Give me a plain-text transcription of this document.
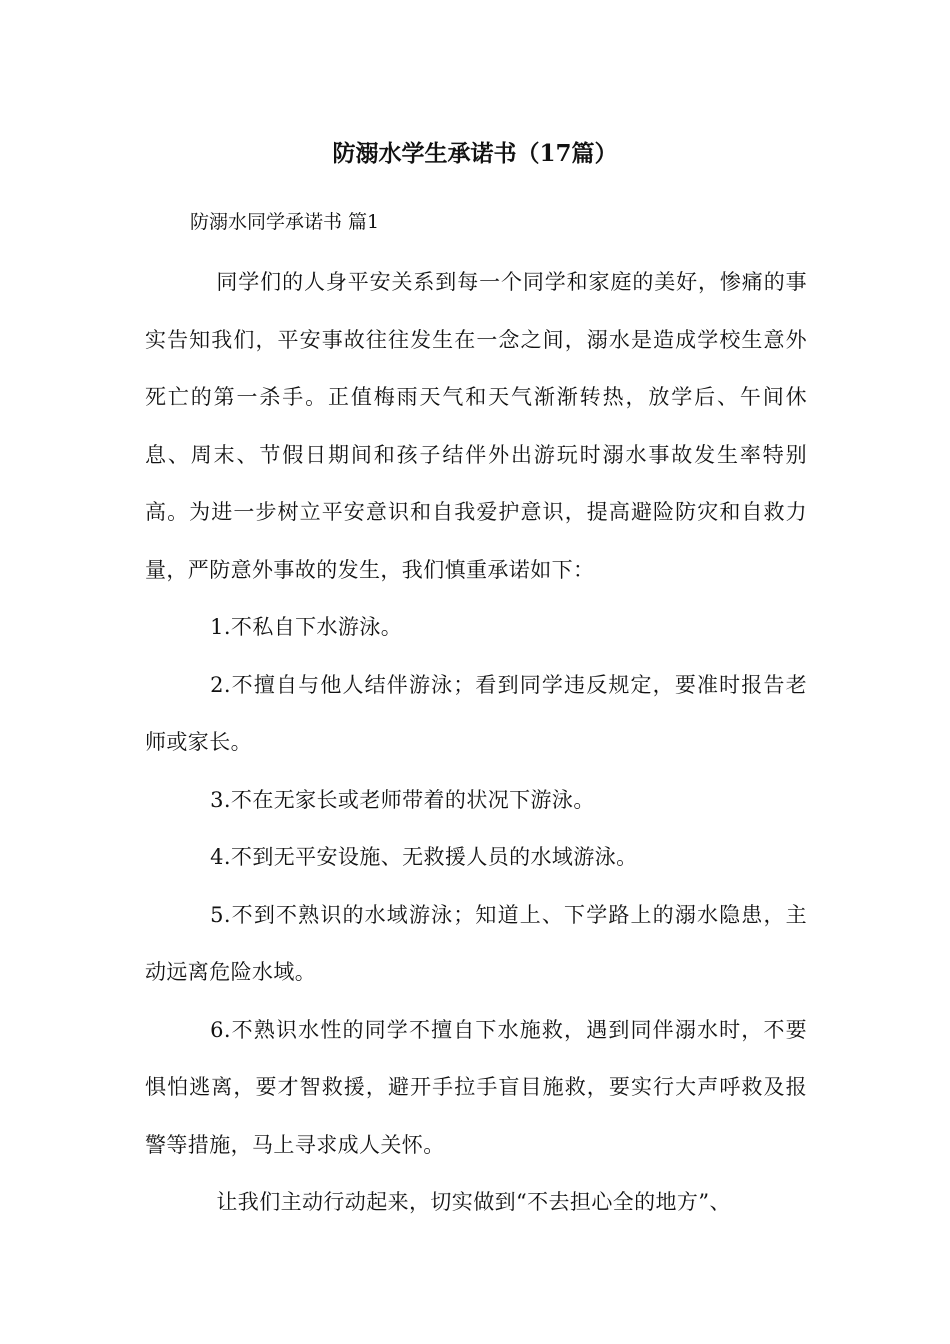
防溺水学生承诺书（17篇）
防溺水同学承诺书 篇1

同学们的人身平安关系到每一个同学和家庭的美好，惨痛的事实告知我们，平安事故往往发生在一念之间，溺水是造成学校生意外死亡的第一杀手。正值梅雨天气和天气渐渐转热，放学后、午间休息、周末、节假日期间和孩子结伴外出游玩时溺水事故发生率特别高。为进一步树立平安意识和自我爱护意识，提高避险防灾和自救力量，严防意外事故的发生，我们慎重承诺如下：

1.不私自下水游泳。

2.不擅自与他人结伴游泳；看到同学违反规定，要准时报告老师或家长。

3.不在无家长或老师带着的状况下游泳。

4.不到无平安设施、无救援人员的水域游泳。

5.不到不熟识的水域游泳；知道上、下学路上的溺水隐患，主动远离危险水域。

6.不熟识水性的同学不擅自下水施救，遇到同伴溺水时，不要惧怕逃离，要才智救援，避开手拉手盲目施救，要实行大声呼救及报警等措施，马上寻求成人关怀。

让我们主动行动起来，切实做到“不去担心全的地方”、
